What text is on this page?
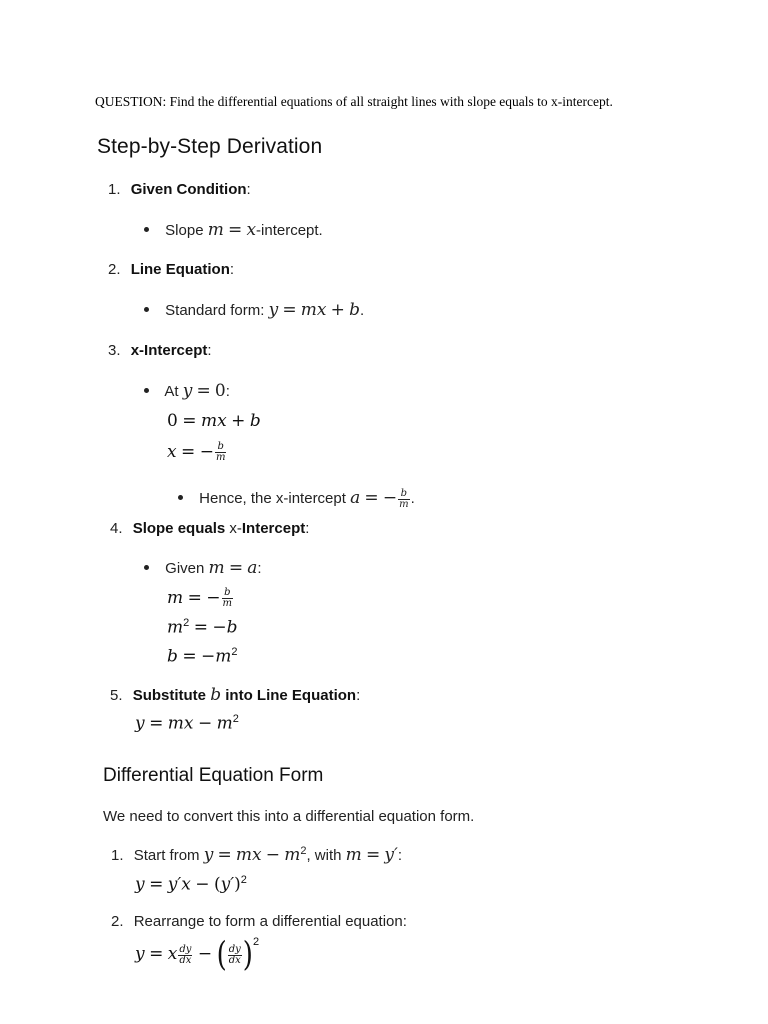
QUESTION: Find the differential equations of all straight lines with slope equals to x-intercept.
Step-by-Step Derivation
1. Given Condition:
Slope m = x-intercept.
2. Line Equation:
Standard form: y = mx + b.
3. x-Intercept:
At y = 0:
0 = mx + b
x = − $\frac{b}{m}$
Hence, the x-intercept a = − $\frac{b}{m}$ .
4. Slope equals x-Intercept:
Given m = a:
m = − $\frac{b}{m}$
$m^2 = -b$
$b = -m^2$
5. Substitute b into Line Equation:
y = mx − $m^2$
Differential Equation Form
We need to convert this into a differential equation form.
1. Start from y = mx − $m^2$, with m = y′:
$y = y'x - (y')^2$
2. Rearrange to form a differential equation:
y = x $\frac{dy}{dx}$ − ( $\frac{dy}{dx} )^2$
